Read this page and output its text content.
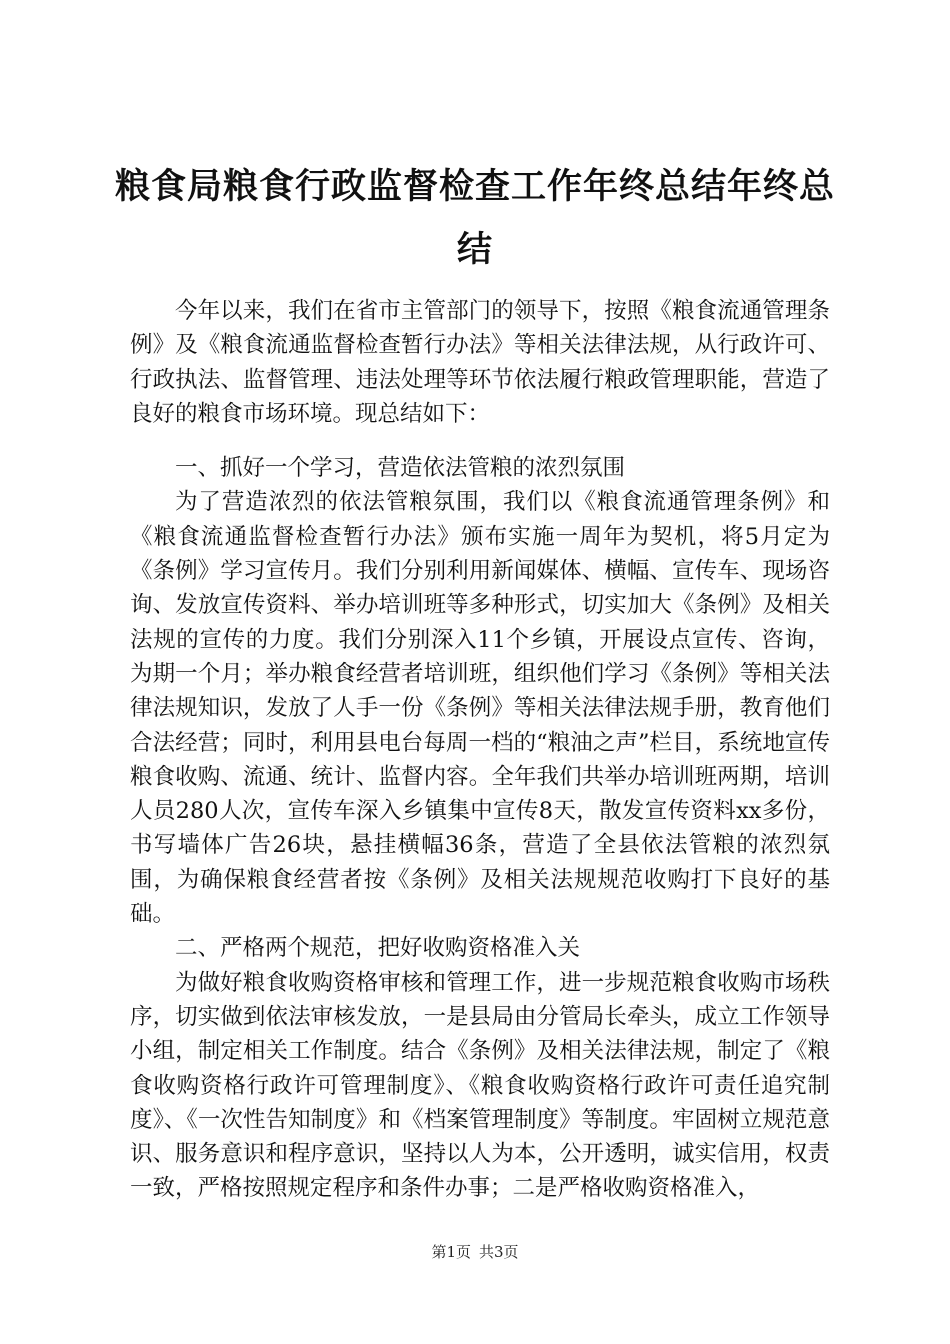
粮食局粮食行政监督检查工作年终总结年终总结

今年以来，我们在省市主管部门的领导下，按照《粮食流通管理条例》及《粮食流通监督检查暂行办法》等相关法律法规，从行政许可、行政执法、监督管理、违法处理等环节依法履行粮政管理职能，营造了良好的粮食市场环境。现总结如下：

一、抓好一个学习，营造依法管粮的浓烈氛围

为了营造浓烈的依法管粮氛围，我们以《粮食流通管理条例》和《粮食流通监督检查暂行办法》颁布实施一周年为契机，将5月定为《条例》学习宣传月。我们分别利用新闻媒体、横幅、宣传车、现场咨询、发放宣传资料、举办培训班等多种形式，切实加大《条例》及相关法规的宣传的力度。我们分别深入11个乡镇，开展设点宣传、咨询，为期一个月；举办粮食经营者培训班，组织他们学习《条例》等相关法律法规知识，发放了人手一份《条例》等相关法律法规手册，教育他们合法经营；同时，利用县电台每周一档的“粮油之声”栏目，系统地宣传粮食收购、流通、统计、监督内容。全年我们共举办培训班两期，培训人员280人次，宣传车深入乡镇集中宣传8天，散发宣传资料xx多份，书写墙体广告26块，悬挂横幅36条，营造了全县依法管粮的浓烈氛围，为确保粮食经营者按《条例》及相关法规规范收购打下良好的基础。

二、严格两个规范，把好收购资格准入关

为做好粮食收购资格审核和管理工作，进一步规范粮食收购市场秩序，切实做到依法审核发放，一是县局由分管局长牵头，成立工作领导小组，制定相关工作制度。结合《条例》及相关法律法规，制定了《粮食收购资格行政许可管理制度》、《粮食收购资格行政许可责任追究制度》、《一次性告知制度》和《档案管理制度》等制度。牢固树立规范意识、服务意识和程序意识，坚持以人为本，公开透明，诚实信用，权责一致，严格按照规定程序和条件办事；二是严格收购资格准入，

第1页 共3页
